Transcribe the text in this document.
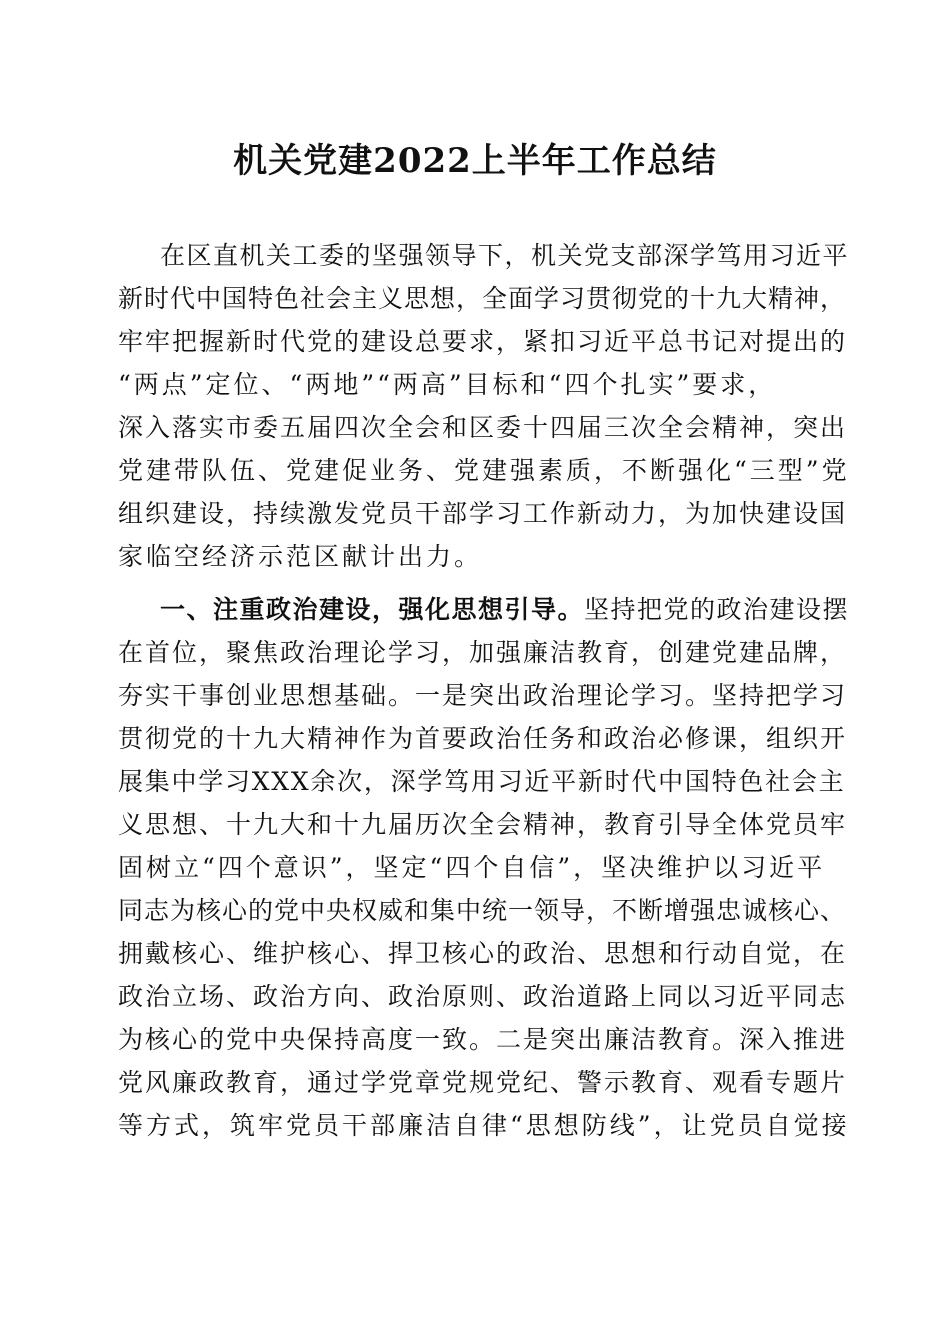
机关党建2022上半年工作总结
在区直机关工委的坚强领导下，机关党支部深学笃用习近平
新时代中国特色社会主义思想，全面学习贯彻党的十九大精神，
牢牢把握新时代党的建设总要求，紧扣习近平总书记对提出的
“两点”定位、“两地”“两高”目标和“四个扎实”要求，
深入落实市委五届四次全会和区委十四届三次全会精神，突出
党建带队伍、党建促业务、党建强素质，不断强化“三型”党
组织建设，持续激发党员干部学习工作新动力，为加快建设国
家临空经济示范区献计出力。
一、注重政治建设，强化思想引导。坚持把党的政治建设摆
在首位，聚焦政治理论学习，加强廉洁教育，创建党建品牌，
夯实干事创业思想基础。一是突出政治理论学习。坚持把学习
贯彻党的十九大精神作为首要政治任务和政治必修课，组织开
展集中学习XXX余次，深学笃用习近平新时代中国特色社会主
义思想、十九大和十九届历次全会精神，教育引导全体党员牢
固树立“四个意识”，坚定“四个自信”，坚决维护以习近平
同志为核心的党中央权威和集中统一领导，不断增强忠诚核心、
拥戴核心、维护核心、捍卫核心的政治、思想和行动自觉，在
政治立场、政治方向、政治原则、政治道路上同以习近平同志
为核心的党中央保持高度一致。二是突出廉洁教育。深入推进
党风廉政教育，通过学党章党规党纪、警示教育、观看专题片
等方式，筑牢党员干部廉洁自律“思想防线”，让党员自觉接
